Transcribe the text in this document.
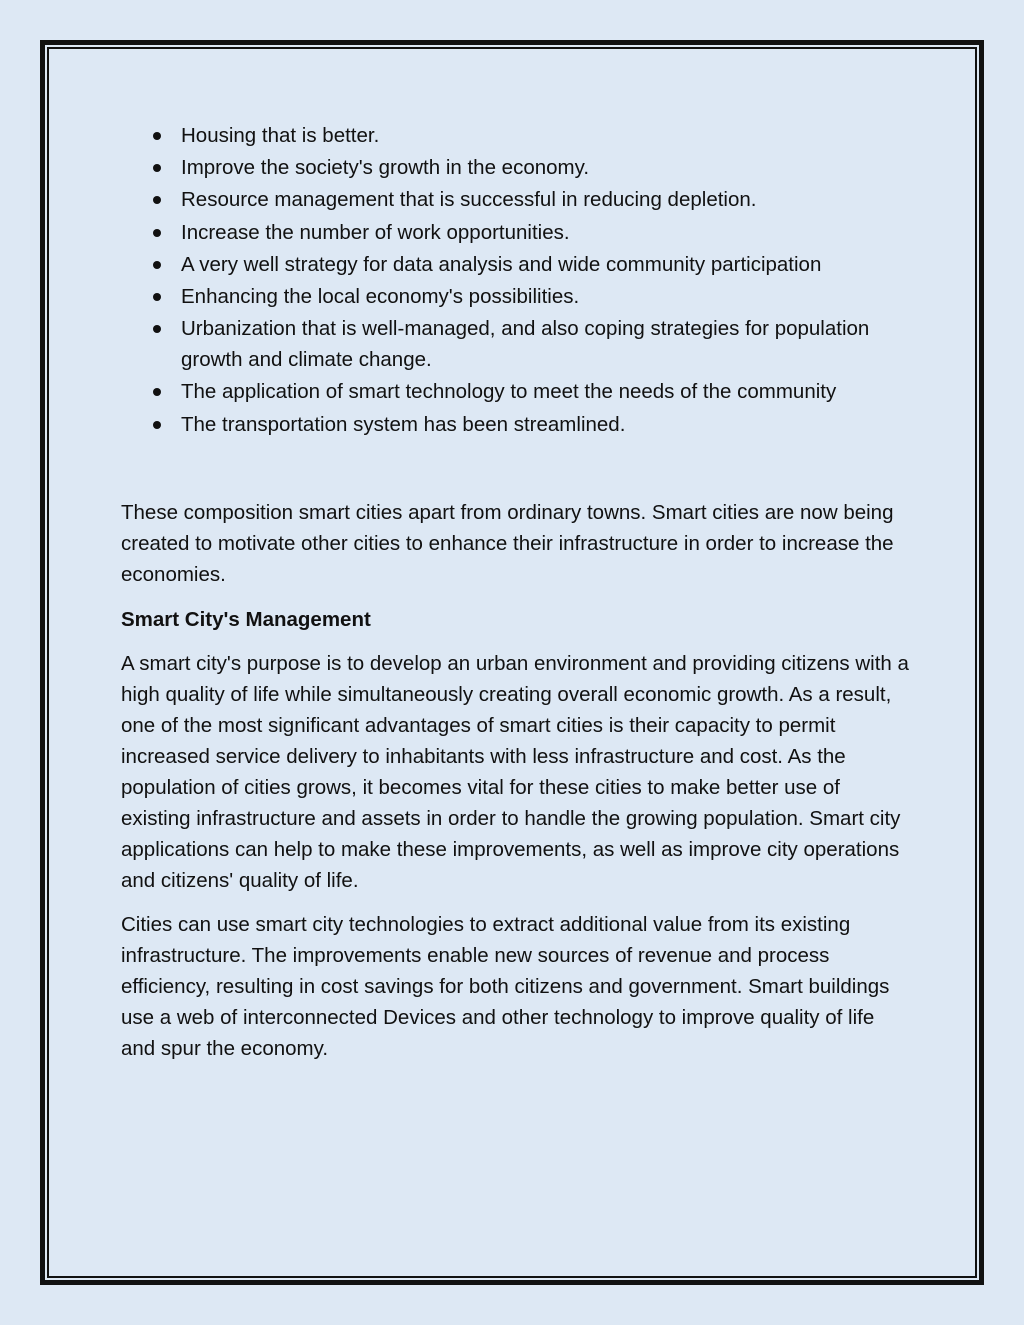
Housing that is better.
Improve the society's growth in the economy.
Resource management that is successful in reducing depletion.
Increase the number of work opportunities.
A very well strategy for data analysis and wide community participation
Enhancing the local economy's possibilities.
Urbanization that is well-managed, and also coping strategies for population growth and climate change.
The application of smart technology to meet the needs of the community
The transportation system has been streamlined.

These composition smart cities apart from ordinary towns. Smart cities are now being created to motivate other cities to enhance their infrastructure in order to increase the economies.

Smart City's Management

A smart city's purpose is to develop an urban environment and providing citizens with a high quality of life while simultaneously creating overall economic growth. As a result, one of the most significant advantages of smart cities is their capacity to permit increased service delivery to inhabitants with less infrastructure and cost. As the population of cities grows, it becomes vital for these cities to make better use of existing infrastructure and assets in order to handle the growing population. Smart city applications can help to make these improvements, as well as improve city operations and citizens' quality of life.

Cities can use smart city technologies to extract additional value from its existing infrastructure. The improvements enable new sources of revenue and process efficiency, resulting in cost savings for both citizens and government. Smart buildings use a web of interconnected Devices and other technology to improve quality of life and spur the economy.
